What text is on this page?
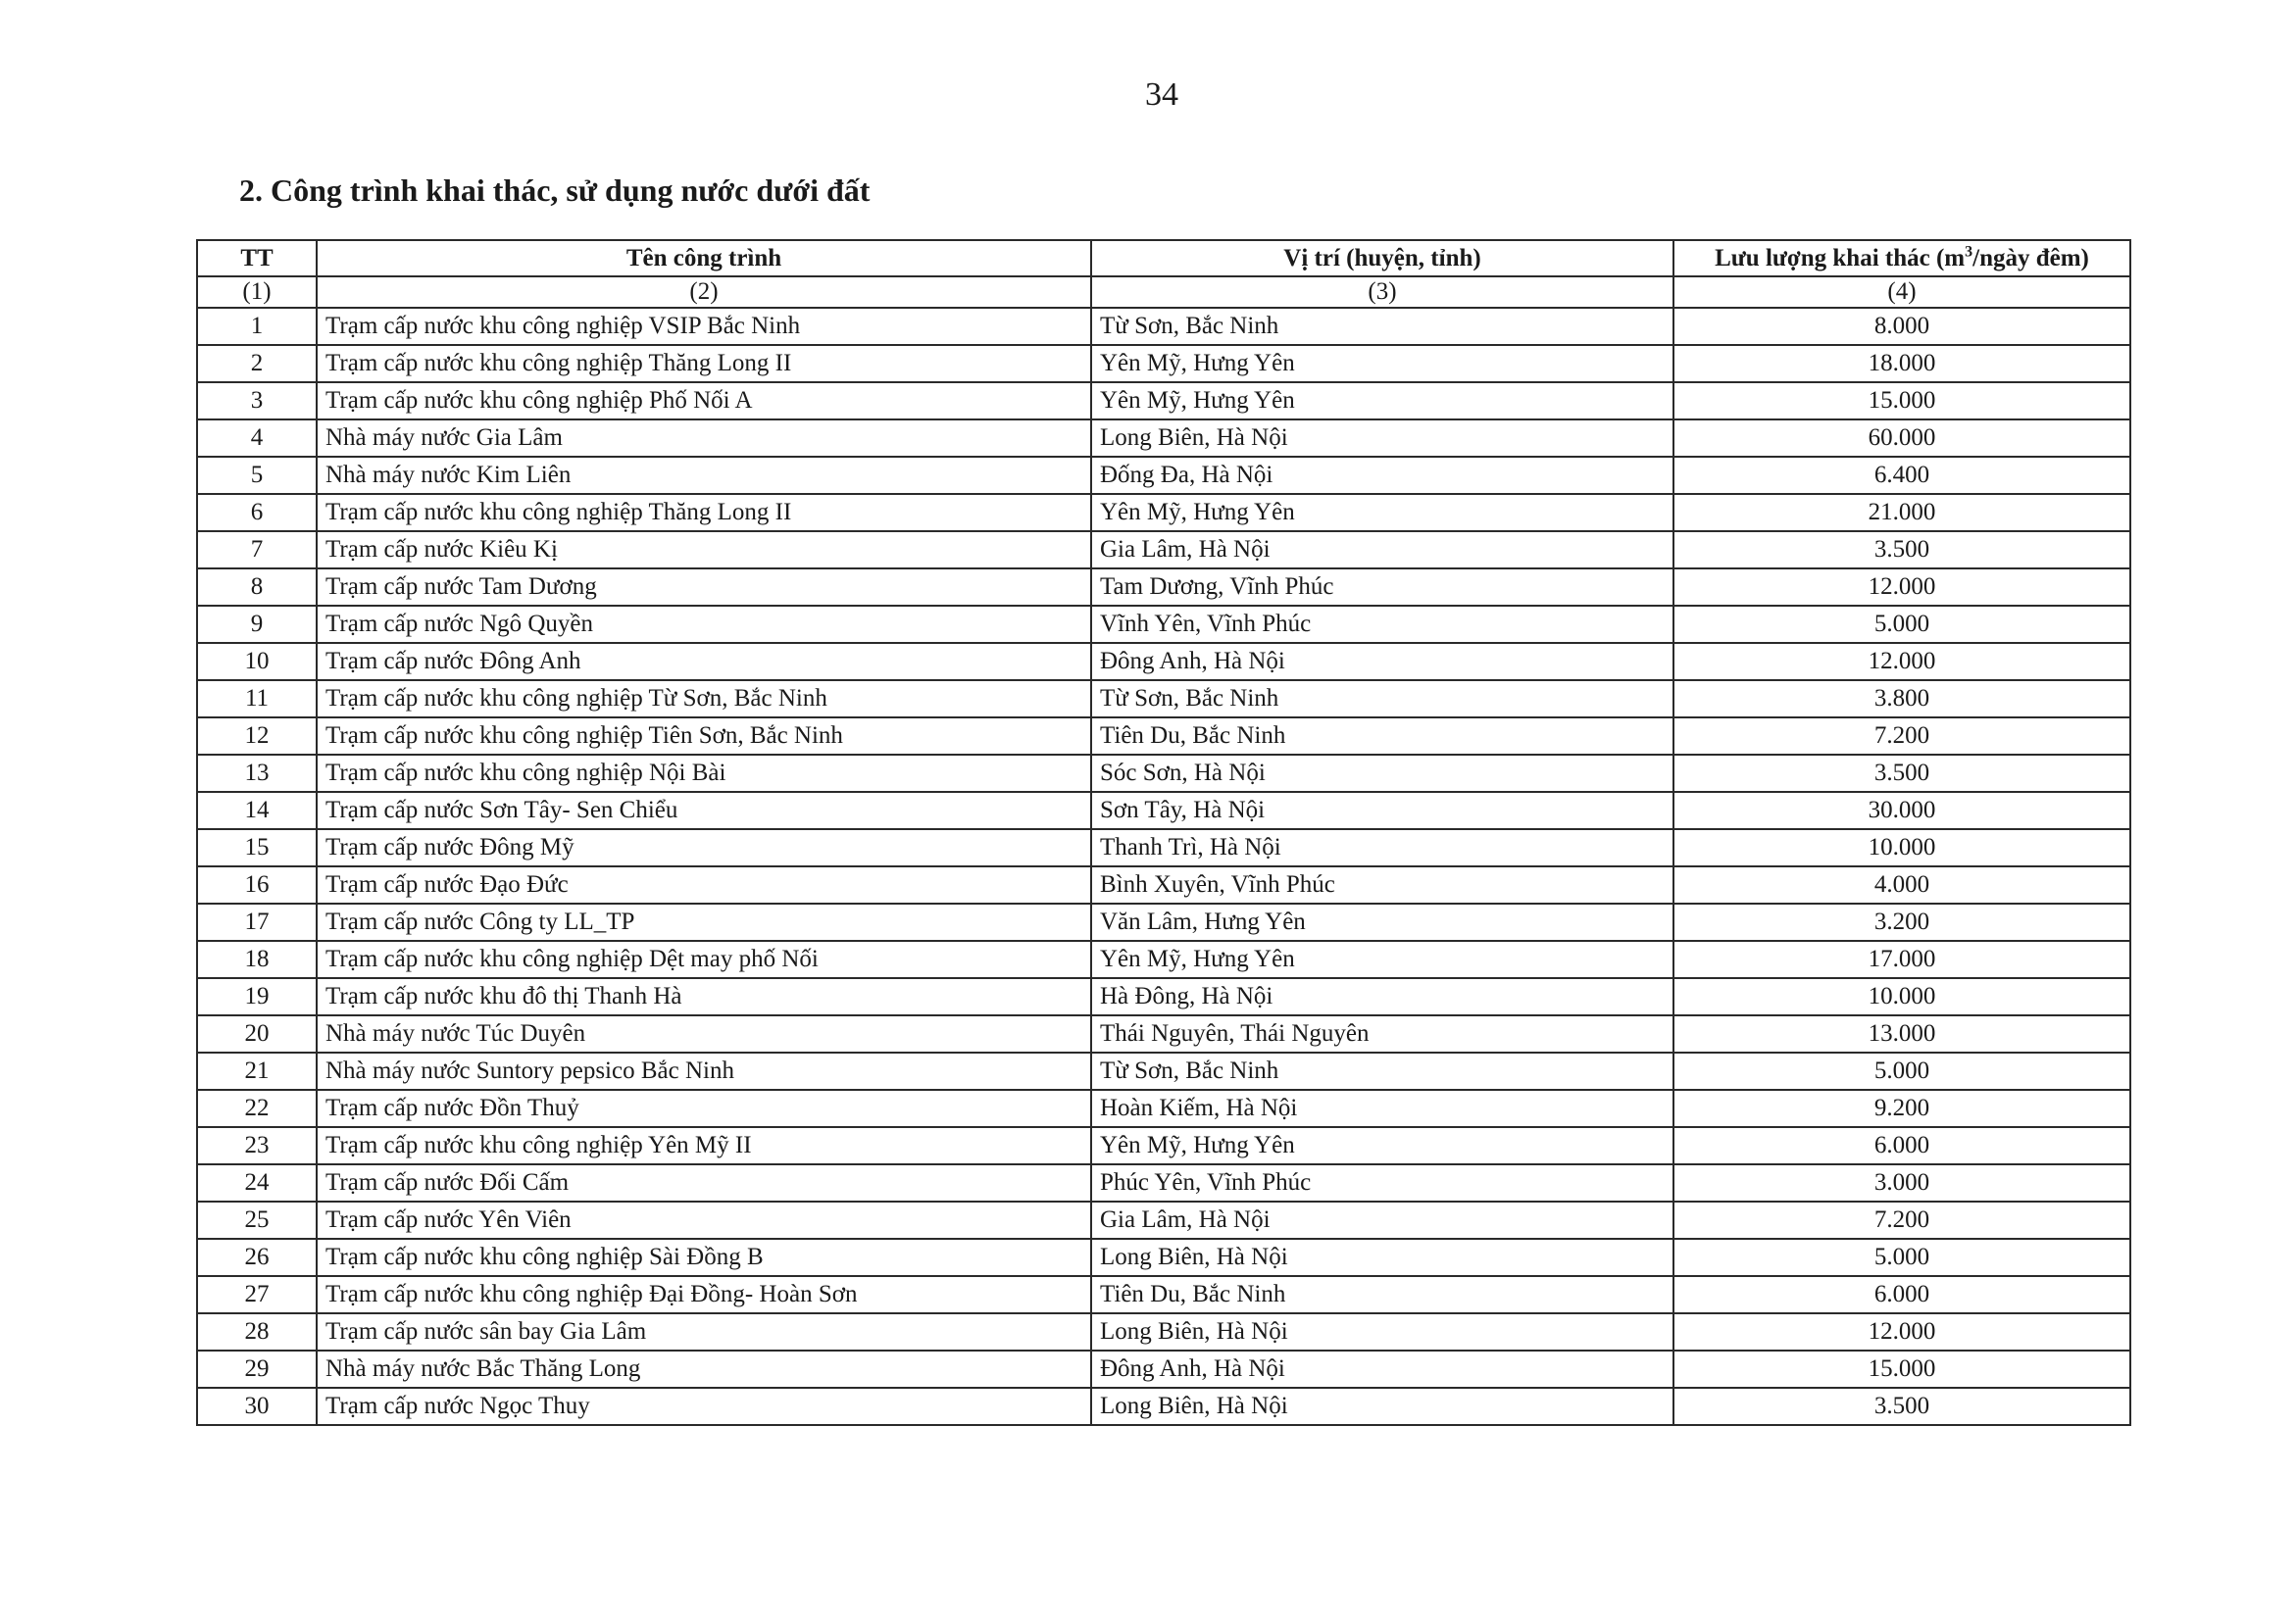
34
2. Công trình khai thác, sử dụng nước dưới đất
TT	Tên công trình	Vị trí (huyện, tỉnh)	Lưu lượng khai thác ($m^3$/ngày đêm)
(1)	(2)	(3)	(4)
1	Trạm cấp nước khu công nghiệp VSIP Bắc Ninh	Từ Sơn, Bắc Ninh	8.000
2	Trạm cấp nước khu công nghiệp Thăng Long II	Yên Mỹ, Hưng Yên	18.000
3	Trạm cấp nước khu công nghiệp Phố Nối A	Yên Mỹ, Hưng Yên	15.000
4	Nhà máy nước Gia Lâm	Long Biên, Hà Nội	60.000
5	Nhà máy nước Kim Liên	Đống Đa, Hà Nội	6.400
6	Trạm cấp nước khu công nghiệp Thăng Long II	Yên Mỹ, Hưng Yên	21.000
7	Trạm cấp nước Kiêu Kị	Gia Lâm, Hà Nội	3.500
8	Trạm cấp nước Tam Dương	Tam Dương, Vĩnh Phúc	12.000
9	Trạm cấp nước Ngô Quyền	Vĩnh Yên, Vĩnh Phúc	5.000
10	Trạm cấp nước Đông Anh	Đông Anh, Hà Nội	12.000
11	Trạm cấp nước khu công nghiệp Từ Sơn, Bắc Ninh	Từ Sơn, Bắc Ninh	3.800
12	Trạm cấp nước khu công nghiệp Tiên Sơn, Bắc Ninh	Tiên Du, Bắc Ninh	7.200
13	Trạm cấp nước khu công nghiệp Nội Bài	Sóc Sơn, Hà Nội	3.500
14	Trạm cấp nước Sơn Tây- Sen Chiểu	Sơn Tây, Hà Nội	30.000
15	Trạm cấp nước Đông Mỹ	Thanh Trì, Hà Nội	10.000
16	Trạm cấp nước Đạo Đức	Bình Xuyên, Vĩnh Phúc	4.000
17	Trạm cấp nước Công ty LL_TP	Văn Lâm, Hưng Yên	3.200
18	Trạm cấp nước khu công nghiệp Dệt may phố Nối	Yên Mỹ, Hưng Yên	17.000
19	Trạm cấp nước khu đô thị Thanh Hà	Hà Đông, Hà Nội	10.000
20	Nhà máy nước Túc Duyên	Thái Nguyên, Thái Nguyên	13.000
21	Nhà máy nước Suntory pepsico Bắc Ninh	Từ Sơn, Bắc Ninh	5.000
22	Trạm cấp nước Đồn Thuỷ	Hoàn Kiếm, Hà Nội	9.200
23	Trạm cấp nước khu công nghiệp Yên Mỹ II	Yên Mỹ, Hưng Yên	6.000
24	Trạm cấp nước Đối Cấm	Phúc Yên, Vĩnh Phúc	3.000
25	Trạm cấp nước Yên Viên	Gia Lâm, Hà Nội	7.200
26	Trạm cấp nước khu công nghiệp Sài Đồng B	Long Biên, Hà Nội	5.000
27	Trạm cấp nước khu công nghiệp Đại Đồng- Hoàn Sơn	Tiên Du, Bắc Ninh	6.000
28	Trạm cấp nước sân bay Gia Lâm	Long Biên, Hà Nội	12.000
29	Nhà máy nước Bắc Thăng Long	Đông Anh, Hà Nội	15.000
30	Trạm cấp nước Ngọc Thuy	Long Biên, Hà Nội	3.500
